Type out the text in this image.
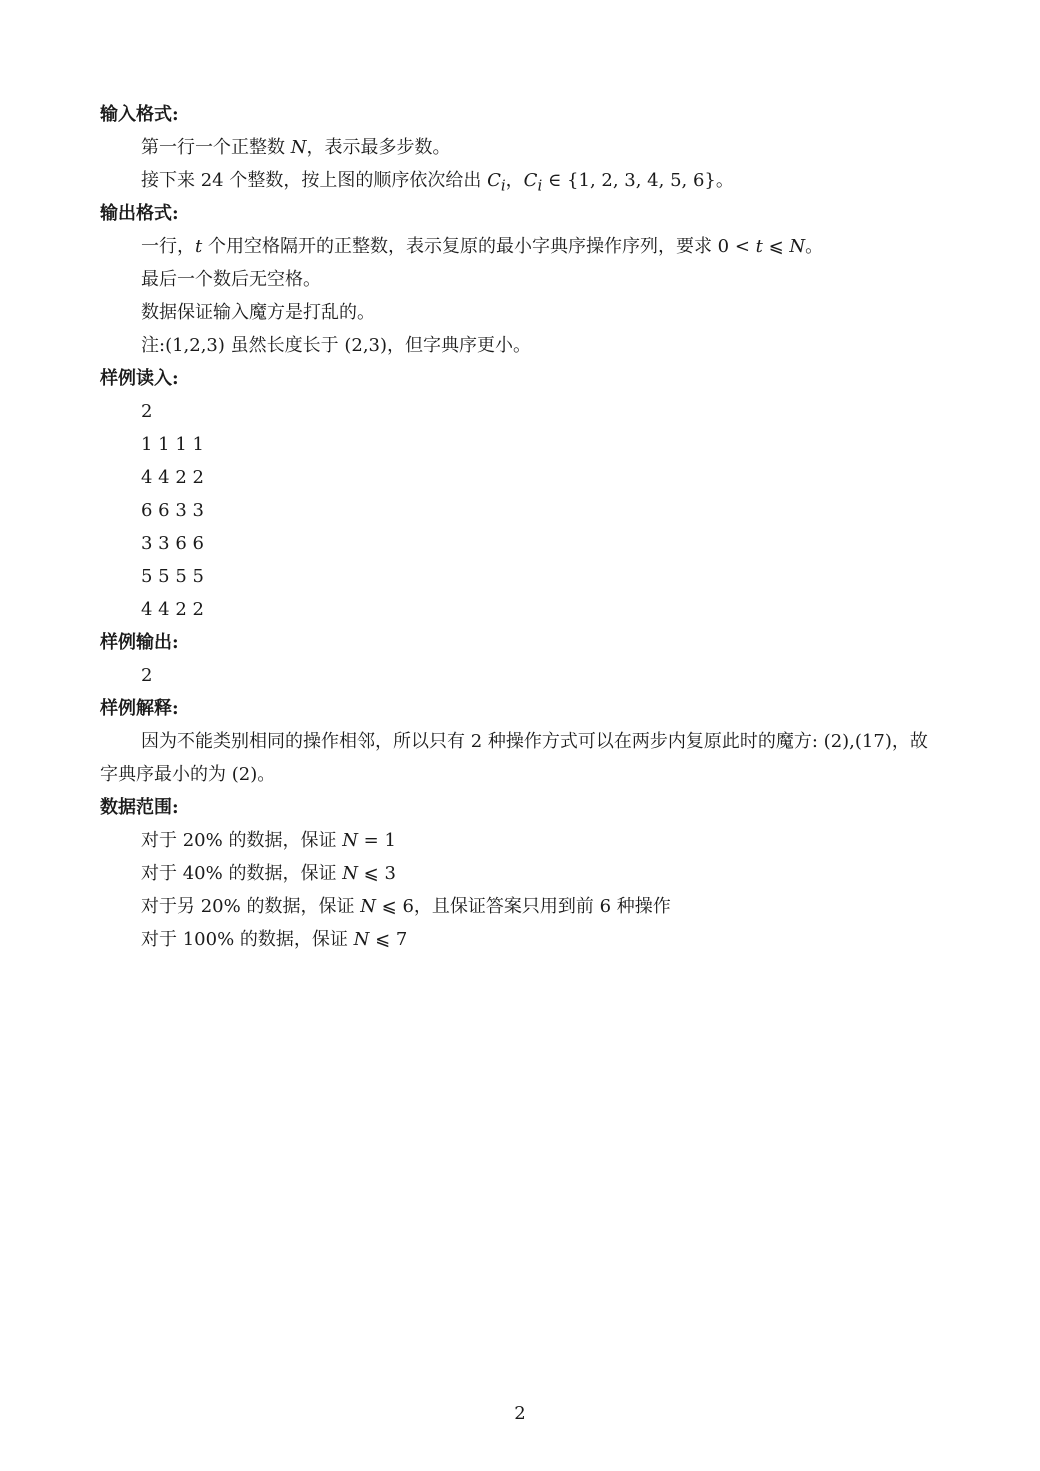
输入格式:
第一行一个正整数 N，表示最多步数。
接下来 24 个整数，按上图的顺序依次给出 $C_i$，$C_i$ ∈ {1, 2, 3, 4, 5, 6}。
输出格式:
一行，t 个用空格隔开的正整数，表示复原的最小字典序操作序列，要求 0 < t ⩽ N。
最后一个数后无空格。
数据保证输入魔方是打乱的。
注:(1,2,3) 虽然长度长于 (2,3)，但字典序更小。
样例读入:
2
1 1 1 1
4 4 2 2
6 6 3 3
3 3 6 6
5 5 5 5
4 4 2 2
样例输出:
2
样例解释:
因为不能类别相同的操作相邻，所以只有 2 种操作方式可以在两步内复原此时的魔方: (2),(17)，故字典序最小的为 (2)。
数据范围:
对于 20% 的数据，保证 N = 1
对于 40% 的数据，保证 N ⩽ 3
对于另 20% 的数据，保证 N ⩽ 6，且保证答案只用到前 6 种操作
对于 100% 的数据，保证 N ⩽ 7
2
